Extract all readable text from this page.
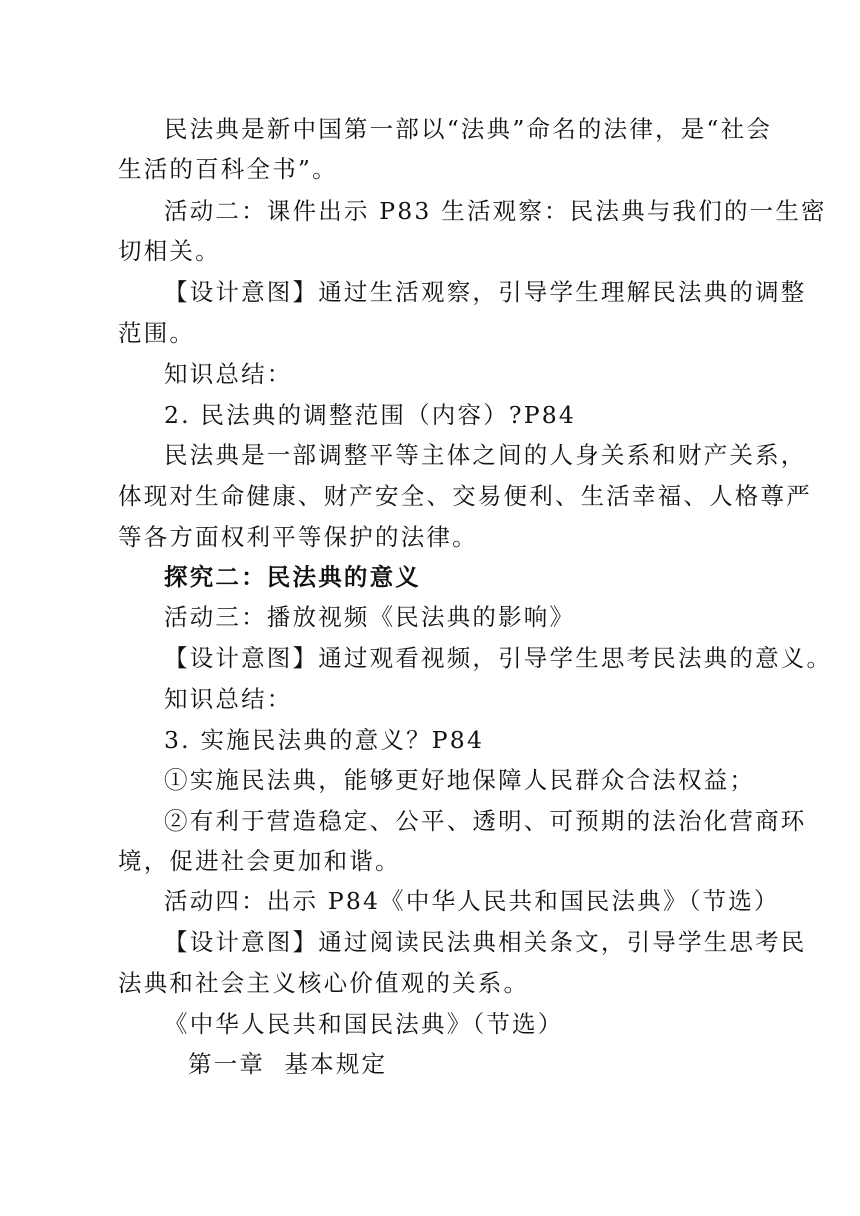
民法典是新中国第一部以“法典”命名的法律，是“社会
生活的百科全书”。
活动二：课件出示 P83 生活观察：民法典与我们的一生密
切相关。
【设计意图】通过生活观察，引导学生理解民法典的调整
范围。
知识总结：
2. 民法典的调整范围（内容）?P84
民法典是一部调整平等主体之间的人身关系和财产关系，
体现对生命健康、财产安全、交易便利、生活幸福、人格尊严
等各方面权利平等保护的法律。
探究二：民法典的意义
活动三：播放视频《民法典的影响》
【设计意图】通过观看视频，引导学生思考民法典的意义。
知识总结：
3. 实施民法典的意义？P84
①实施民法典，能够更好地保障人民群众合法权益；
②有利于营造稳定、公平、透明、可预期的法治化营商环
境，促进社会更加和谐。
活动四：出示 P84《中华人民共和国民法典》（节选）
【设计意图】通过阅读民法典相关条文，引导学生思考民
法典和社会主义核心价值观的关系。
《中华人民共和国民法典》（节选）
第一章  基本规定
